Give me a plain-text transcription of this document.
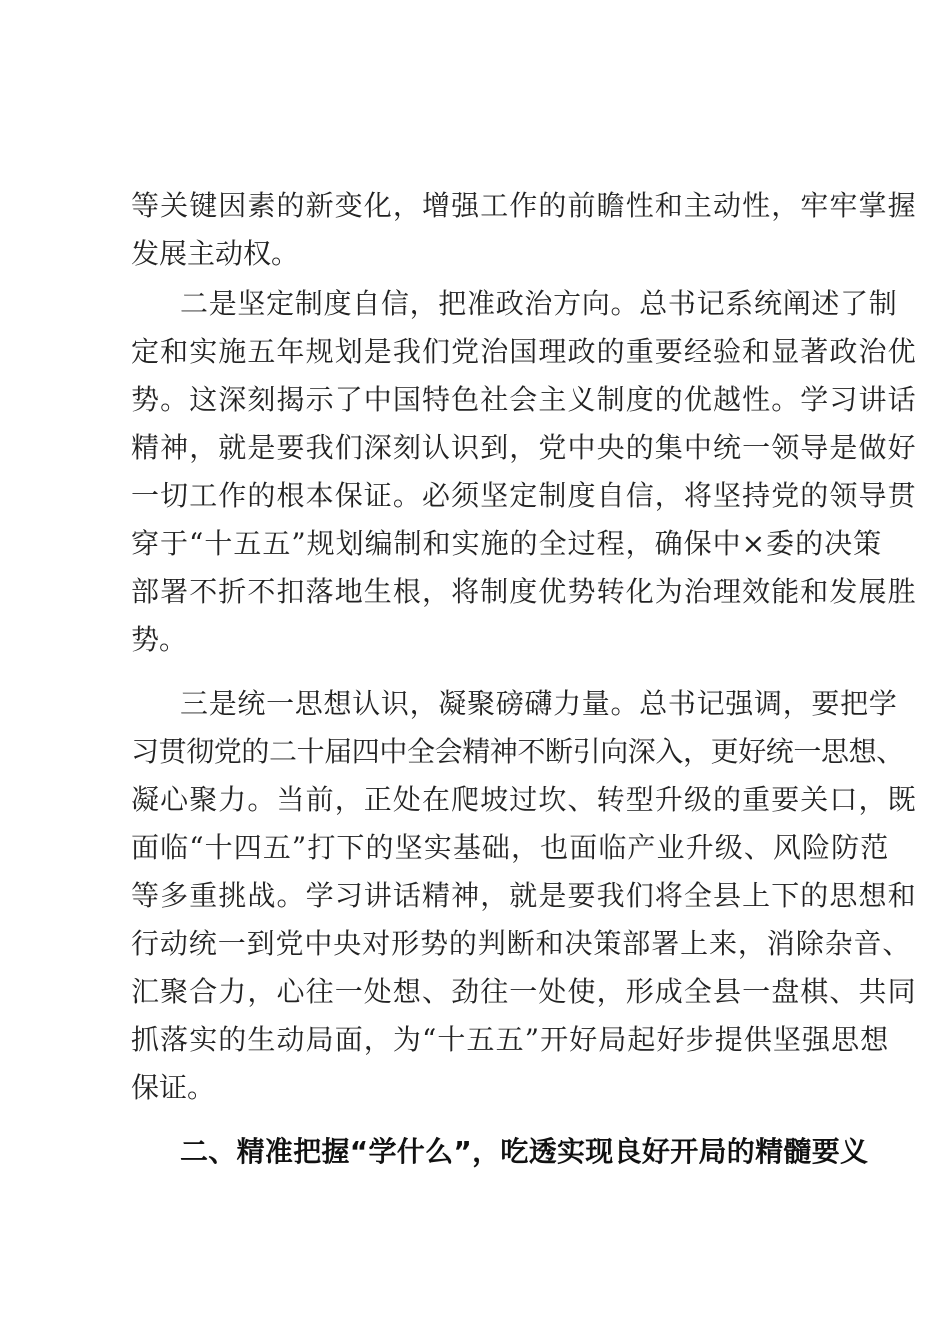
等关键因素的新变化，增强工作的前瞻性和主动性，牢牢掌握
发展主动权。
二是坚定制度自信，把准政治方向。总书记系统阐述了制
定和实施五年规划是我们党治国理政的重要经验和显著政治优
势。这深刻揭示了中国特色社会主义制度的优越性。学习讲话
精神，就是要我们深刻认识到，党中央的集中统一领导是做好
一切工作的根本保证。必须坚定制度自信，将坚持党的领导贯
穿于“十五五”规划编制和实施的全过程，确保中×委的决策
部署不折不扣落地生根，将制度优势转化为治理效能和发展胜
势。
三是统一思想认识，凝聚磅礴力量。总书记强调，要把学
习贯彻党的二十届四中全会精神不断引向深入，更好统一思想、
凝心聚力。当前，正处在爬坡过坎、转型升级的重要关口，既
面临“十四五”打下的坚实基础，也面临产业升级、风险防范
等多重挑战。学习讲话精神，就是要我们将全县上下的思想和
行动统一到党中央对形势的判断和决策部署上来，消除杂音、
汇聚合力，心往一处想、劲往一处使，形成全县一盘棋、共同
抓落实的生动局面，为“十五五”开好局起好步提供坚强思想
保证。
二、精准把握“学什么”，吃透实现良好开局的精髓要义
